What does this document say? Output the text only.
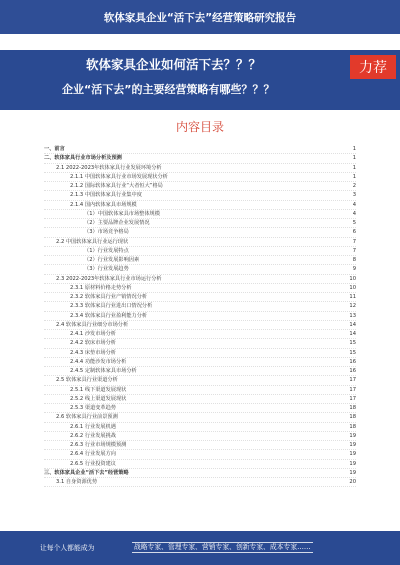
软体家具企业“活下去”经营策略研究报告
软体家具企业如何活下去？？？
企业“活下去”的主要经营策略有哪些？？？
力荐
内容目录
一、前言	1
二、软体家具行业市场分析及预测	1
2.1 2022-2023年软体家具行业发展环境分析	1
2.1.1 中国软体家具行业市场发展现状分析	1
2.1.2 国际软体家具行业“大者恒大”格局	2
2.1.3 中国软体家具行业集中度	3
2.1.4 国内软体家具市场规模	4
（1）中国软体家具市场整体规模	4
（2）主要品牌企业发展情况	5
（3）市场竞争格局	6
2.2 中国软体家具行业运行现状	7
（1）行业发展特点	7
（2）行业发展影响因素	8
（3）行业发展趋势	9
2.3 2022-2023年软体家具行业市场运行分析	10
2.3.1 原材料价格走势分析	10
2.3.2 软体家具行业产销情况分析	11
2.3.3 软体家具行业进出口情况分析	12
2.3.4 软体家具行业盈利能力分析	13
2.4 软体家具行业细分市场分析	14
2.4.1 沙发市场分析	14
2.4.2 软床市场分析	15
2.4.3 床垫市场分析	15
2.4.4 功能沙发市场分析	16
2.4.5 定制软体家具市场分析	16
2.5 软体家具行业渠道分析	17
2.5.1 线下渠道发展现状	17
2.5.2 线上渠道发展现状	17
2.5.3 渠道变革趋势	18
2.6 软体家具行业前景预测	18
2.6.1 行业发展机遇	18
2.6.2 行业发展挑战	19
2.6.3 行业市场规模预测	19
2.6.4 行业发展方向	19
2.6.5 行业投资建议	19
三、软体家具企业“活下去”经营策略	19
3.1 自身资源优势	20
让每个人都能成为	战略专家、管理专家、营销专家、创新专家、成本专家……
